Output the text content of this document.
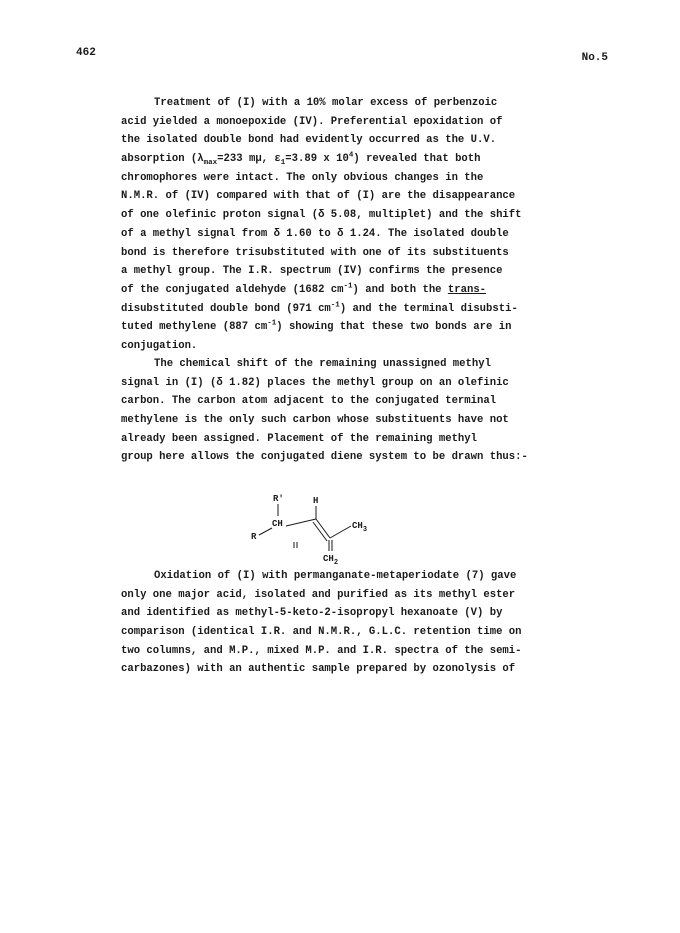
462	No.5
Treatment of (I) with a 10% molar excess of perbenzoic
acid yielded a monoepoxide (IV). Preferential epoxidation of
the isolated double bond had evidently occurred as the U.V.
absorption ($\lambda_{max}=233$ mμ, $\varepsilon_1=3.89$ x $10^4$) revealed that both
chromophores were intact. The only obvious changes in the
N.M.R. of (IV) compared with that of (I) are the disappearance
of one olefinic proton signal (δ 5.08, multiplet) and the shift
of a methyl signal from δ 1.60 to δ 1.24. The isolated double
bond is therefore trisubstituted with one of its substituents
a methyl group. The I.R. spectrum (IV) confirms the presence
of the conjugated aldehyde (1682 $cm^{-1}$) and both the trans-
disubstituted double bond (971 $cm^{-1}$) and the terminal disubsti-
tuted methylene (887 $cm^{-1}$) showing that these two bonds are in
conjugation.
The chemical shift of the remaining unassigned methyl
signal in (I) (δ 1.82) places the methyl group on an olefinic
carbon. The carbon atom adjacent to the conjugated terminal
methylene is the only such carbon whose substituents have not
already been assigned. Placement of the remaining methyl
group here allows the conjugated diene system to be drawn thus:-
R'	H
CH
R
$CH_3$
$CH_2$
Oxidation of (I) with permanganate-metaperiodate (7) gave
only one major acid, isolated and purified as its methyl ester
and identified as methyl-5-keto-2-isopropyl hexanoate (V) by
comparison (identical I.R. and N.M.R., G.L.C. retention time on
two columns, and M.P., mixed M.P. and I.R. spectra of the semi-
carbazones) with an authentic sample prepared by ozonolysis of
